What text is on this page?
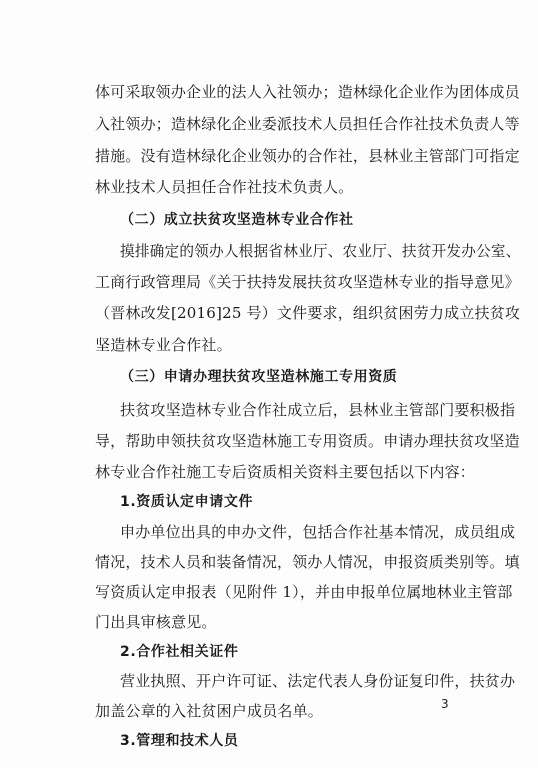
体可采取领办企业的法人入社领办；造林绿化企业作为团体成员
入社领办；造林绿化企业委派技术人员担任合作社技术负责人等
措施。没有造林绿化企业领办的合作社，县林业主管部门可指定
林业技术人员担任合作社技术负责人。
（二）成立扶贫攻坚造林专业合作社
摸排确定的领办人根据省林业厅、农业厅、扶贫开发办公室、
工商行政管理局《关于扶持发展扶贫攻坚造林专业的指导意见》
（晋林改发[2016]25 号）文件要求，组织贫困劳力成立扶贫攻
坚造林专业合作社。
（三）申请办理扶贫攻坚造林施工专用资质
扶贫攻坚造林专业合作社成立后，县林业主管部门要积极指
导，帮助申领扶贫攻坚造林施工专用资质。申请办理扶贫攻坚造
林专业合作社施工专后资质相关资料主要包括以下内容：
1.资质认定申请文件
申办单位出具的申办文件，包括合作社基本情况，成员组成
情况，技术人员和装备情况，领办人情况，申报资质类别等。填
写资质认定申报表（见附件 1），并由申报单位属地林业主管部
门出具审核意见。
2.合作社相关证件
营业执照、开户许可证、法定代表人身份证复印件，扶贫办
加盖公章的入社贫困户成员名单。
3.管理和技术人员
3
